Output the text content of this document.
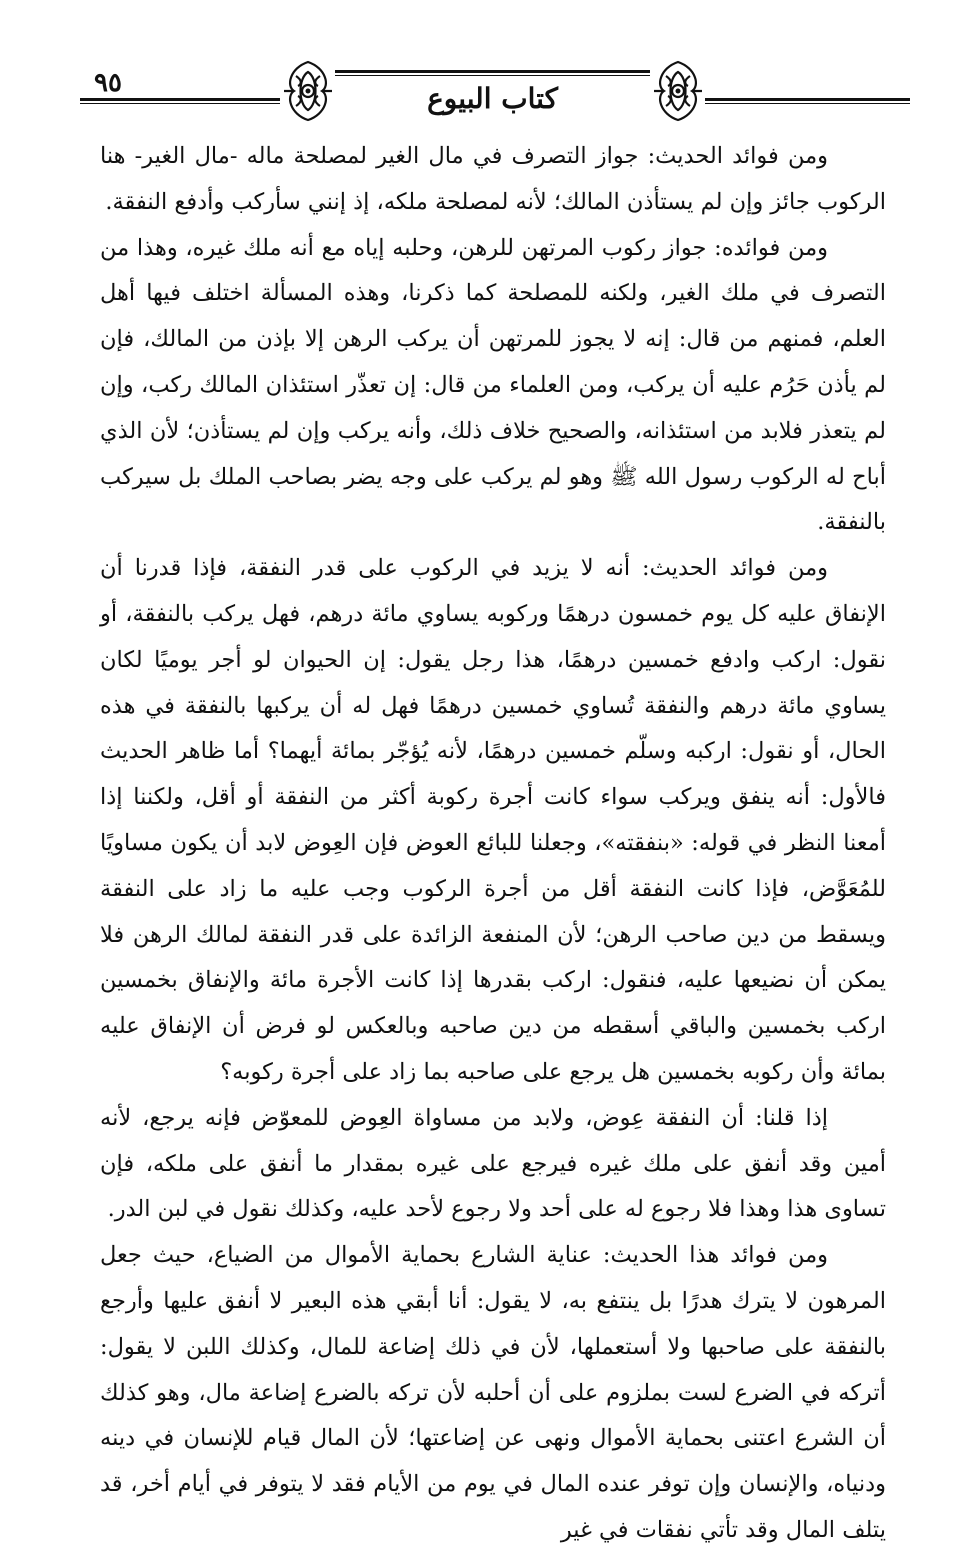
٩٥	كتاب البيوع

ومن فوائد الحديث: جواز التصرف في مال الغير لمصلحة ماله -مال الغير- هنا الركوب جائز وإن لم يستأذن المالك؛ لأنه لمصلحة ملكه، إذ إنني سأركب وأدفع النفقة.

ومن فوائده: جواز ركوب المرتهن للرهن، وحلبه إياه مع أنه ملك غيره، وهذا من التصرف في ملك الغير، ولكنه للمصلحة كما ذكرنا، وهذه المسألة اختلف فيها أهل العلم، فمنهم من قال: إنه لا يجوز للمرتهن أن يركب الرهن إلا بإذن من المالك، فإن لم يأذن حَرُم عليه أن يركب، ومن العلماء من قال: إن تعذّر استئذان المالك ركب، وإن لم يتعذر فلابد من استئذانه، والصحيح خلاف ذلك، وأنه يركب وإن لم يستأذن؛ لأن الذي أباح له الركوب رسول الله ﷺ وهو لم يركب على وجه يضر بصاحب الملك بل سيركب بالنفقة.

ومن فوائد الحديث: أنه لا يزيد في الركوب على قدر النفقة، فإذا قدرنا أن الإنفاق عليه كل يوم خمسون درهمًا وركوبه يساوي مائة درهم، فهل يركب بالنفقة، أو نقول: اركب وادفع خمسين درهمًا، هذا رجل يقول: إن الحيوان لو أجر يوميًا لكان يساوي مائة درهم والنفقة تُساوي خمسين درهمًا فهل له أن يركبها بالنفقة في هذه الحال، أو نقول: اركبه وسلّم خمسين درهمًا، لأنه يُؤجّر بمائة أيهما؟ أما ظاهر الحديث فالأول: أنه ينفق ويركب سواء كانت أجرة ركوبة أكثر من النفقة أو أقل، ولكننا إذا أمعنا النظر في قوله: «بنفقته»، وجعلنا للبائع العوض فإن العِوض لابد أن يكون مساويًا للمُعَوَّض، فإذا كانت النفقة أقل من أجرة الركوب وجب عليه ما زاد على النفقة ويسقط من دين صاحب الرهن؛ لأن المنفعة الزائدة على قدر النفقة لمالك الرهن فلا يمكن أن نضيعها عليه، فنقول: اركب بقدرها إذا كانت الأجرة مائة والإنفاق بخمسين اركب بخمسين والباقي أسقطه من دين صاحبه وبالعكس لو فرض أن الإنفاق عليه بمائة وأن ركوبه بخمسين هل يرجع على صاحبه بما زاد على أجرة ركوبه؟

إذا قلنا: أن النفقة عِوض، ولابد من مساواة العِوض للمعوّض فإنه يرجع، لأنه أمين وقد أنفق على ملك غيره فيرجع على غيره بمقدار ما أنفق على ملكه، فإن تساوى هذا وهذا فلا رجوع له على أحد ولا رجوع لأحد عليه، وكذلك نقول في لبن الدر.

ومن فوائد هذا الحديث: عناية الشارع بحماية الأموال من الضياع، حيث جعل المرهون لا يترك هدرًا بل ينتفع به، لا يقول: أنا أبقي هذه البعير لا أنفق عليها وأرجع بالنفقة على صاحبها ولا أستعملها، لأن في ذلك إضاعة للمال، وكذلك اللبن لا يقول: أتركه في الضرع لست بملزوم على أن أحلبه لأن تركه بالضرع إضاعة مال، وهو كذلك أن الشرع اعتنى بحماية الأموال ونهى عن إضاعتها؛ لأن المال قيام للإنسان في دينه ودنياه، والإنسان وإن توفر عنده المال في يوم من الأيام فقد لا يتوفر في أيام أخر، قد يتلف المال وقد تأتي نفقات في غير
